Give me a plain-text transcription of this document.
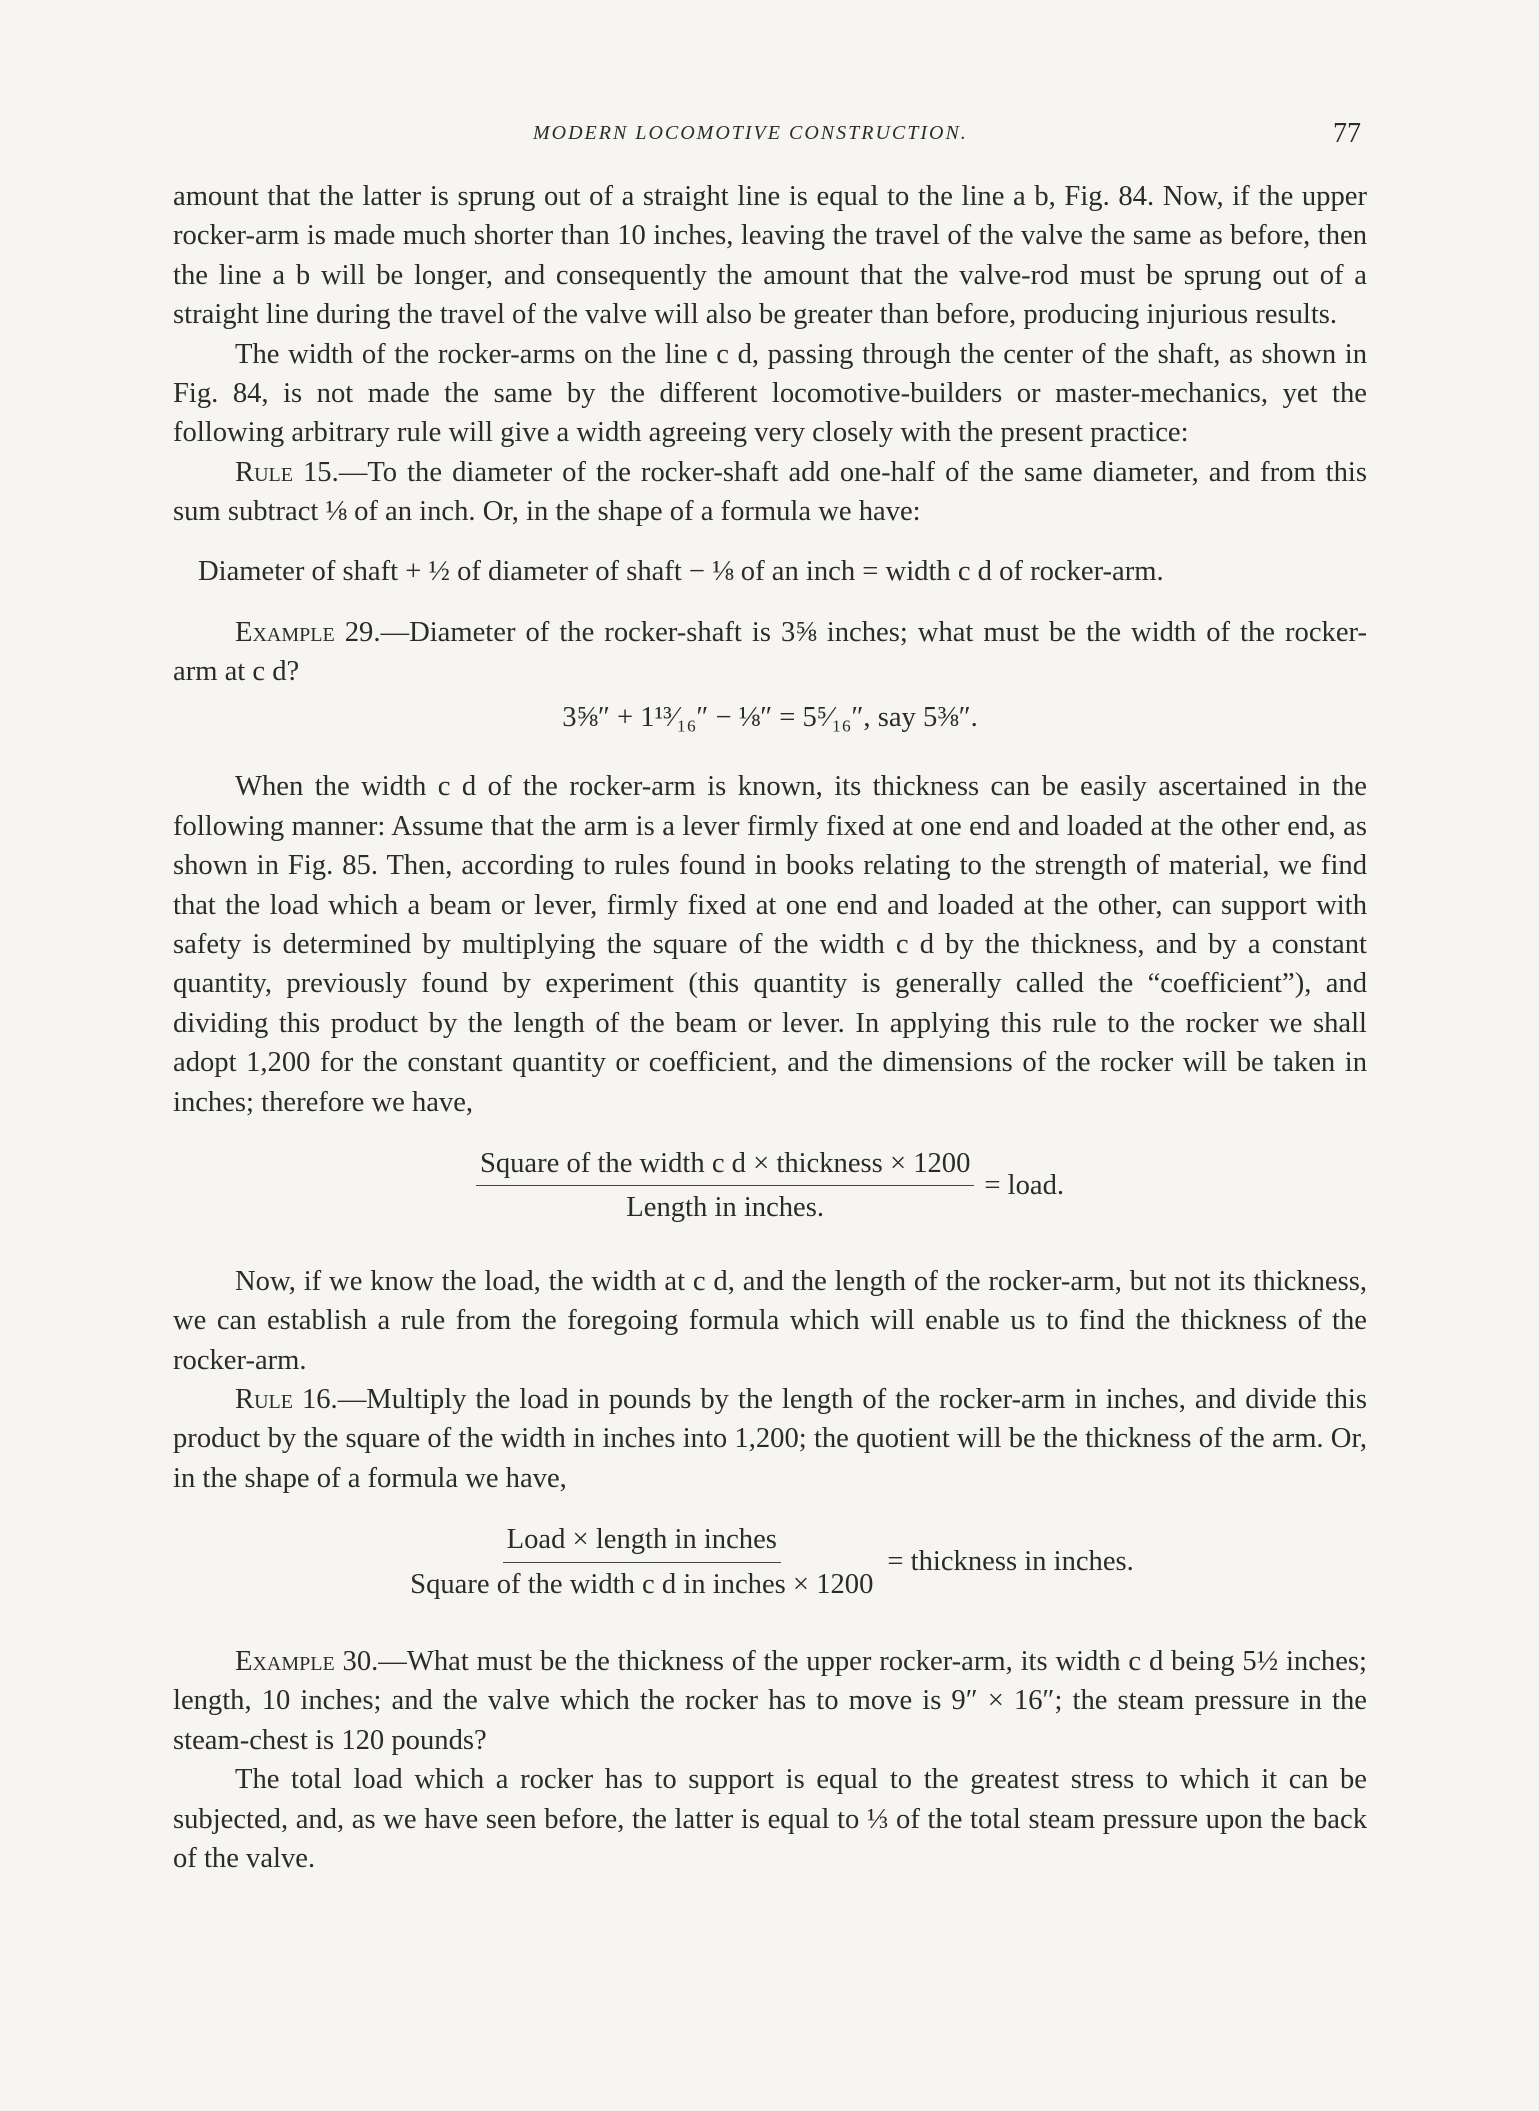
MODERN LOCOMOTIVE CONSTRUCTION.	77

amount that the latter is sprung out of a straight line is equal to the line a b, Fig. 84. Now, if the upper rocker-arm is made much shorter than 10 inches, leaving the travel of the valve the same as before, then the line a b will be longer, and consequently the amount that the valve-rod must be sprung out of a straight line during the travel of the valve will also be greater than before, producing injurious results.

The width of the rocker-arms on the line c d, passing through the center of the shaft, as shown in Fig. 84, is not made the same by the different locomotive-builders or master-mechanics, yet the following arbitrary rule will give a width agreeing very closely with the present practice:

Rule 15.—To the diameter of the rocker-shaft add one-half of the same diameter, and from this sum subtract ⅛ of an inch. Or, in the shape of a formula we have:

Diameter of shaft + ½ of diameter of shaft − ⅛ of an inch = width c d of rocker-arm.

Example 29.—Diameter of the rocker-shaft is 3⅝ inches; what must be the width of the rocker-arm at c d?

3⅝″ + 1¹³⁄₁₆″ − ⅛″ = 5⁵⁄₁₆″, say 5⅜″.

When the width c d of the rocker-arm is known, its thickness can be easily ascertained in the following manner: Assume that the arm is a lever firmly fixed at one end and loaded at the other end, as shown in Fig. 85. Then, according to rules found in books relating to the strength of material, we find that the load which a beam or lever, firmly fixed at one end and loaded at the other, can support with safety is determined by multiplying the square of the width c d by the thickness, and by a constant quantity, previously found by experiment (this quantity is generally called the “coefficient”), and dividing this product by the length of the beam or lever. In applying this rule to the rocker we shall adopt 1,200 for the constant quantity or coefficient, and the dimensions of the rocker will be taken in inches; therefore we have,

$\frac{\text{Square of the width c d × thickness × 1200}}{\text{Length in inches.}}$ = load.

Now, if we know the load, the width at c d, and the length of the rocker-arm, but not its thickness, we can establish a rule from the foregoing formula which will enable us to find the thickness of the rocker-arm.

Rule 16.—Multiply the load in pounds by the length of the rocker-arm in inches, and divide this product by the square of the width in inches into 1,200; the quotient will be the thickness of the arm. Or, in the shape of a formula we have,

$\frac{\text{Load × length in inches}}{\text{Square of the width c d in inches × 1200}}$ = thickness in inches.

Example 30.—What must be the thickness of the upper rocker-arm, its width c d being 5½ inches; length, 10 inches; and the valve which the rocker has to move is 9″ × 16″; the steam pressure in the steam-chest is 120 pounds?

The total load which a rocker has to support is equal to the greatest stress to which it can be subjected, and, as we have seen before, the latter is equal to ⅓ of the total steam pressure upon the back of the valve.
